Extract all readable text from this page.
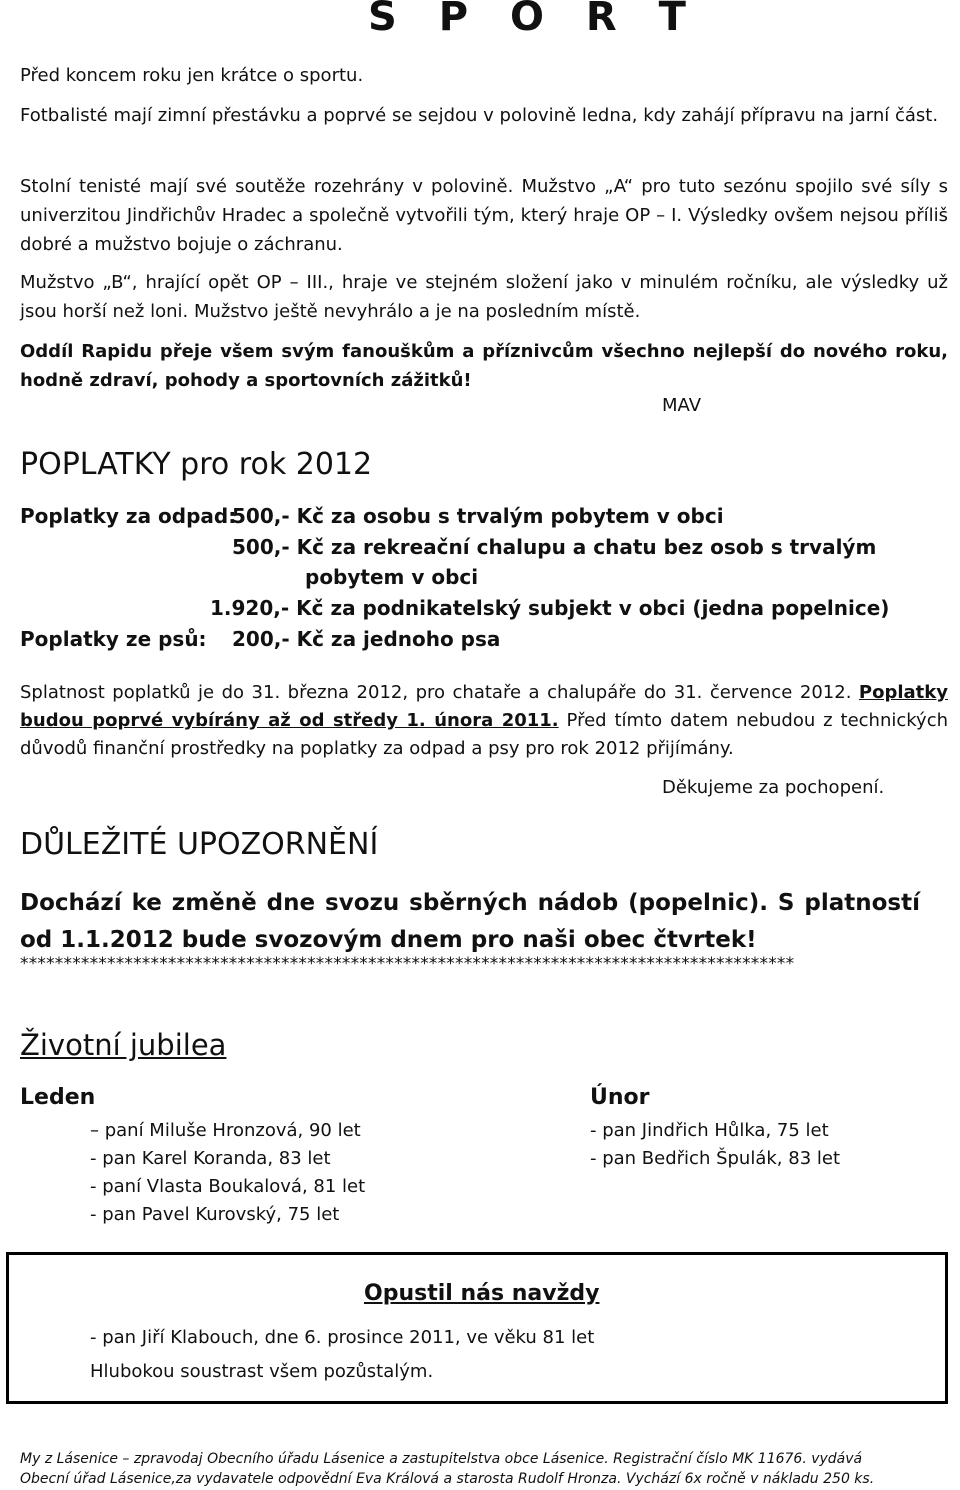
S P O R T
Před koncem roku jen krátce o sportu.
Fotbalisté mají zimní přestávku a poprvé se sejdou v polovině ledna, kdy zahájí přípravu na jarní část.
Stolní tenisté mají své soutěže rozehrány v polovině. Mužstvo „A“ pro tuto sezónu spojilo své síly s univerzitou Jindřichův Hradec a společně vytvořili tým, který hraje OP – I. Výsledky ovšem nejsou příliš dobré a mužstvo bojuje o záchranu.
Mužstvo „B“, hrající opět OP – III., hraje ve stejném složení jako v minulém ročníku, ale výsledky už jsou horší než loni. Mužstvo ještě nevyhrálo a je na posledním místě.
Oddíl Rapidu přeje všem svým fanouškům a příznivcům všechno nejlepší do nového roku, hodně zdraví, pohody a sportovních zážitků!
MAV
POPLATKY pro rok 2012
Poplatky za odpad:
500,- Kč za osobu s trvalým pobytem v obci
500,- Kč za rekreační chalupu a chatu bez osob s trvalým
pobytem v obci
1.920,- Kč za podnikatelský subjekt v obci (jedna popelnice)
Poplatky ze psů: 200,- Kč za jednoho psa
Splatnost poplatků je do 31. března 2012, pro chataře a chalupáře do 31. července 2012. Poplatky budou poprvé vybírány až od středy 1. února 2011. Před tímto datem nebudou z technických důvodů finanční prostředky na poplatky za odpad a psy pro rok 2012 přijímány.
Děkujeme za pochopení.
DŮLEŽITÉ UPOZORNĚNÍ
Dochází ke změně dne svozu sběrných nádob (popelnic). S platností od 1.1.2012 bude svozovým dnem pro naši obec čtvrtek!
*****************************************************************************************
Životní jubilea
Leden
– paní Miluše Hronzová, 90 let
- pan Karel Koranda, 83 let
- paní Vlasta Boukalová, 81 let
- pan Pavel Kurovský, 75 let
Únor
- pan Jindřich Hůlka, 75 let
- pan Bedřich Špulák, 83 let
Opustil nás navždy
- pan Jiří Klabouch, dne 6. prosince 2011, ve věku 81 let
Hlubokou soustrast všem pozůstalým.
My z Lásenice – zpravodaj Obecního úřadu Lásenice a zastupitelstva obce Lásenice. Registrační číslo MK 11676. vydává
Obecní úřad Lásenice,za vydavatele odpovědní Eva Králová a starosta Rudolf Hronza. Vychází 6x ročně v nákladu 250 ks.
